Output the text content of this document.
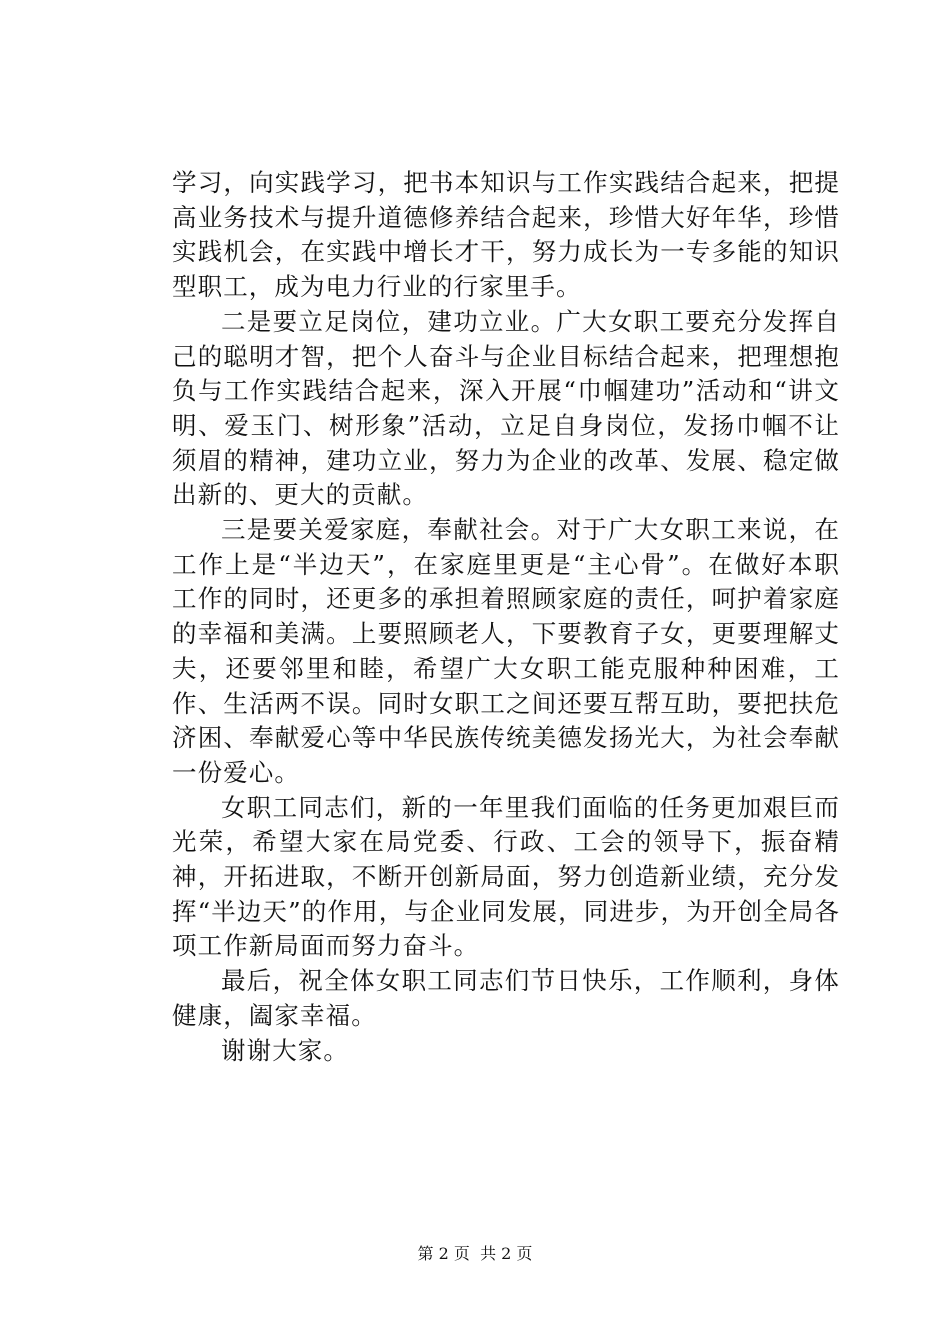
学习，向实践学习，把书本知识与工作实践结合起来，把提高业务技术与提升道德修养结合起来，珍惜大好年华，珍惜实践机会，在实践中增长才干，努力成长为一专多能的知识型职工，成为电力行业的行家里手。

二是要立足岗位，建功立业。广大女职工要充分发挥自己的聪明才智，把个人奋斗与企业目标结合起来，把理想抱负与工作实践结合起来，深入开展“巾帼建功”活动和“讲文明、爱玉门、树形象”活动，立足自身岗位，发扬巾帼不让须眉的精神，建功立业，努力为企业的改革、发展、稳定做出新的、更大的贡献。

三是要关爱家庭，奉献社会。对于广大女职工来说，在工作上是“半边天”，在家庭里更是“主心骨”。在做好本职工作的同时，还更多的承担着照顾家庭的责任，呵护着家庭的幸福和美满。上要照顾老人，下要教育子女，更要理解丈夫，还要邻里和睦，希望广大女职工能克服种种困难，工作、生活两不误。同时女职工之间还要互帮互助，要把扶危济困、奉献爱心等中华民族传统美德发扬光大，为社会奉献一份爱心。

女职工同志们，新的一年里我们面临的任务更加艰巨而光荣，希望大家在局党委、行政、工会的领导下，振奋精神，开拓进取，不断开创新局面，努力创造新业绩，充分发挥“半边天”的作用，与企业同发展，同进步，为开创全局各项工作新局面而努力奋斗。

最后，祝全体女职工同志们节日快乐，工作顺利，身体健康，阖家幸福。

谢谢大家。

第 2 页  共 2 页
